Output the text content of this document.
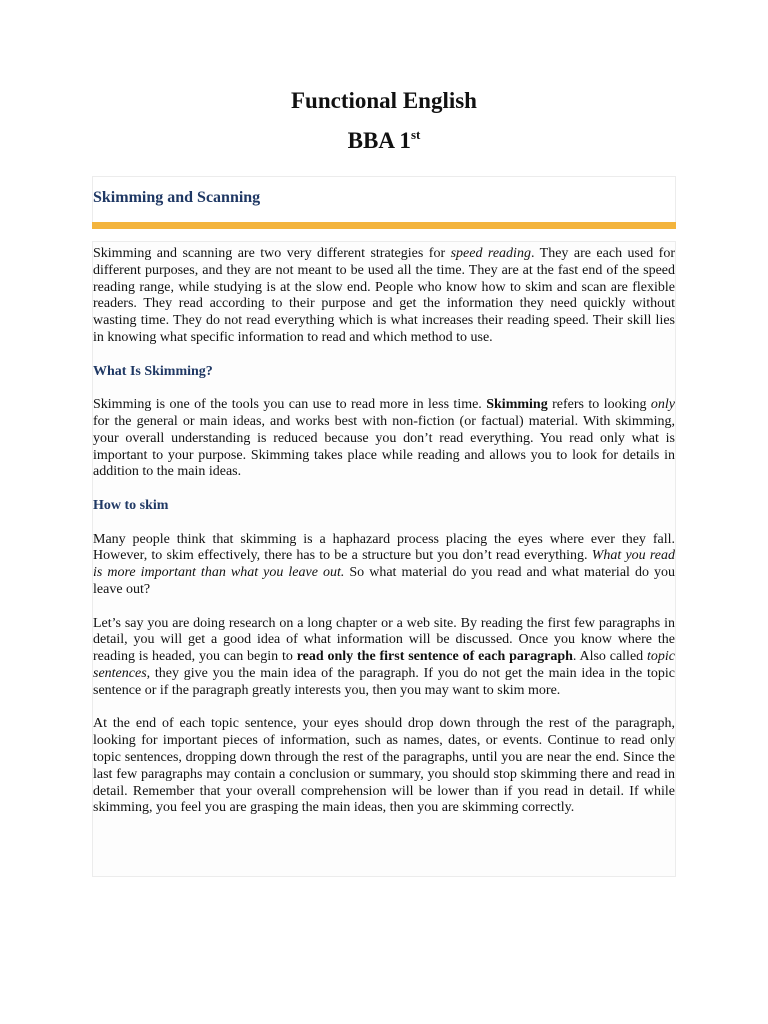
Functional English
BBA 1st
Skimming and Scanning

Skimming and scanning are two very different strategies for speed reading. They are each used for different purposes, and they are not meant to be used all the time. They are at the fast end of the speed reading range, while studying is at the slow end. People who know how to skim and scan are flexible readers. They read according to their purpose and get the information they need quickly without wasting time. They do not read everything which is what increases their reading speed. Their skill lies in knowing what specific information to read and which method to use.

What Is Skimming?

Skimming is one of the tools you can use to read more in less time. Skimming refers to looking only for the general or main ideas, and works best with non-fiction (or factual) material. With skimming, your overall understanding is reduced because you don’t read everything. You read only what is important to your purpose. Skimming takes place while reading and allows you to look for details in addition to the main ideas.

How to skim

Many people think that skimming is a haphazard process placing the eyes where ever they fall. However, to skim effectively, there has to be a structure but you don’t read everything. What you read is more important than what you leave out. So what material do you read and what material do you leave out?

Let’s say you are doing research on a long chapter or a web site. By reading the first few paragraphs in detail, you will get a good idea of what information will be discussed. Once you know where the reading is headed, you can begin to read only the first sentence of each paragraph. Also called topic sentences, they give you the main idea of the paragraph. If you do not get the main idea in the topic sentence or if the paragraph greatly interests you, then you may want to skim more.

At the end of each topic sentence, your eyes should drop down through the rest of the paragraph, looking for important pieces of information, such as names, dates, or events. Continue to read only topic sentences, dropping down through the rest of the paragraphs, until you are near the end. Since the last few paragraphs may contain a conclusion or summary, you should stop skimming there and read in detail. Remember that your overall comprehension will be lower than if you read in detail. If while skimming, you feel you are grasping the main ideas, then you are skimming correctly.
